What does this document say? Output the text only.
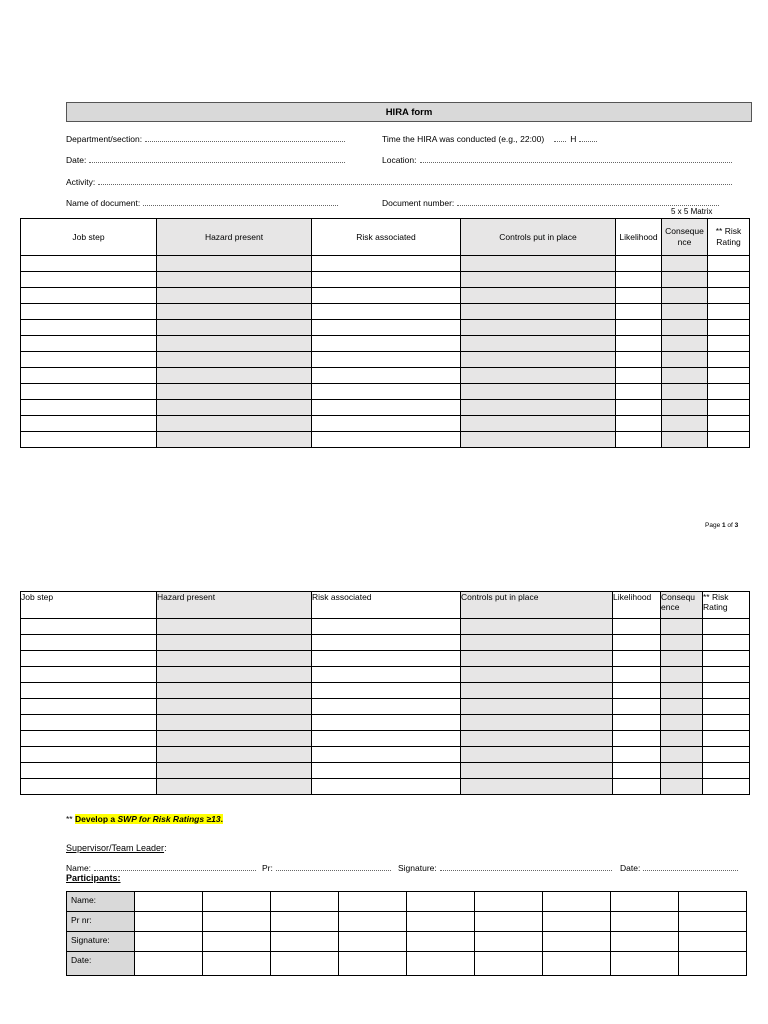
HIRA form
Department/section:	Time the HIRA was conducted (e.g., 22:00)	H
Date:	Location:
Activity:
Name of document:	Document number:
5 x 5 Matrix
Job step	Hazard present	Risk associated	Controls put in place	Likelihood	Conseque nce	** Risk Rating

Page 1 of 3
Job step	Hazard present	Risk associated	Controls put in place	Likelihood	Consequ ence	** Risk Rating

** Develop a SWP for Risk Ratings ≥13.
Supervisor/Team Leader:
Name:	Pr:	Signature:	Date:
Participants:
Name:									
Pr nr:									
Signature:									
Date:									
